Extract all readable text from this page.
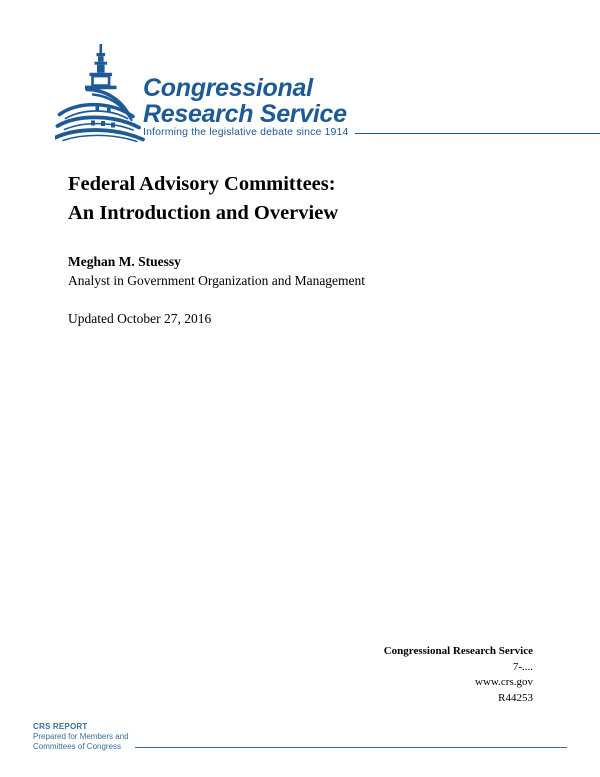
Congressional
Research Service
Informing the legislative debate since 1914
Federal Advisory Committees:
An Introduction and Overview
Meghan M. Stuessy
Analyst in Government Organization and Management
Updated October 27, 2016
Congressional Research Service
7-....
www.crs.gov
R44253
CRS REPORT
Prepared for Members and
Committees of Congress
